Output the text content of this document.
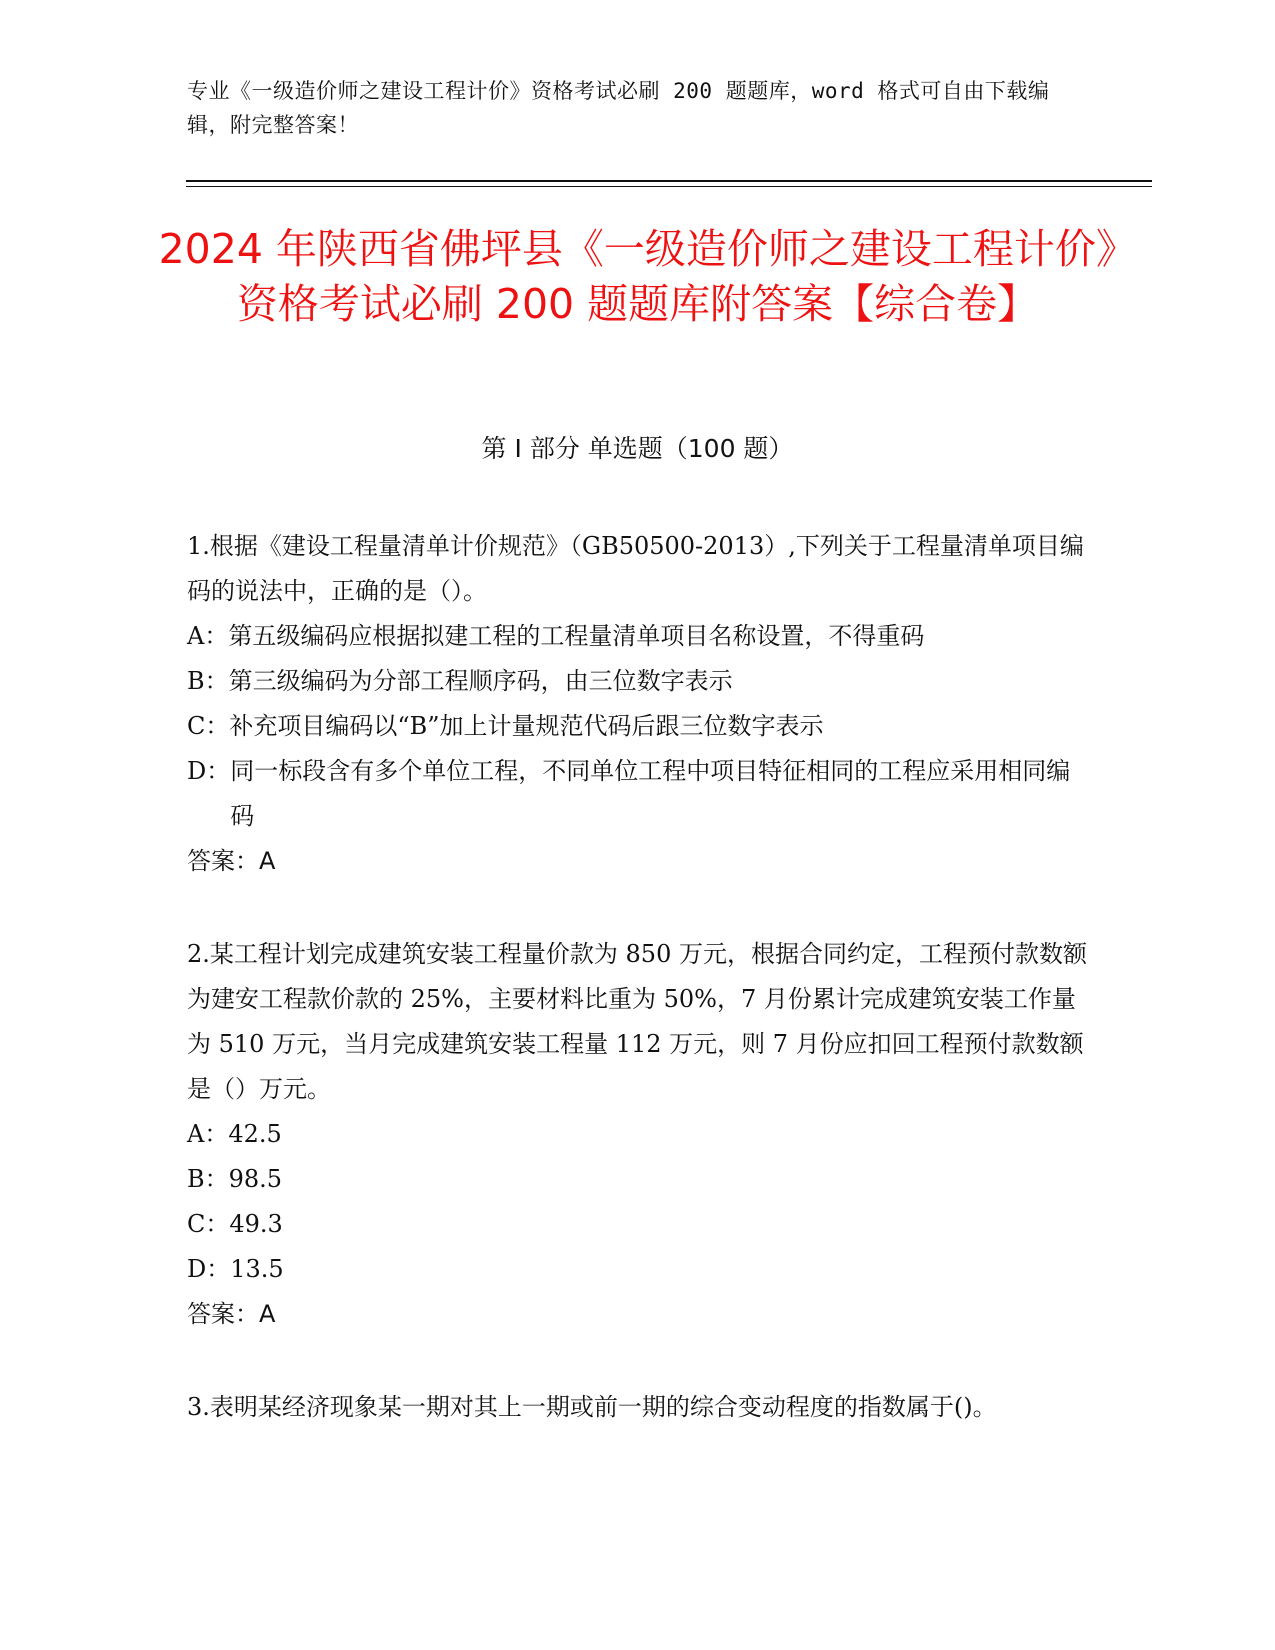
专业《一级造价师之建设工程计价》资格考试必刷 200 题题库，word 格式可自由下载编辑，附完整答案！
2024 年陕西省佛坪县《一级造价师之建设工程计价》资格考试必刷 200 题题库附答案【综合卷】
第 I 部分 单选题（100 题）

1.根据《建设工程量清单计价规范》（GB50500-2013）,下列关于工程量清单项目编码的说法中，正确的是（）。

A： 第五级编码应根据拟建工程的工程量清单项目名称设置，不得重码

B： 第三级编码为分部工程顺序码，由三位数字表示

C： 补充项目编码以“B”加上计量规范代码后跟三位数字表示

D： 同一标段含有多个单位工程，不同单位工程中项目特征相同的工程应采用相同编码

答案：A

2.某工程计划完成建筑安装工程量价款为 850 万元，根据合同约定，工程预付款数额为建安工程款价款的 25%，主要材料比重为 50%，7 月份累计完成建筑安装工作量为 510 万元，当月完成建筑安装工程量 112 万元，则 7 月份应扣回工程预付款数额是（）万元。

A： 42.5

B： 98.5

C： 49.3

D： 13.5

答案：A

3.表明某经济现象某一期对其上一期或前一期的综合变动程度的指数属于()。
